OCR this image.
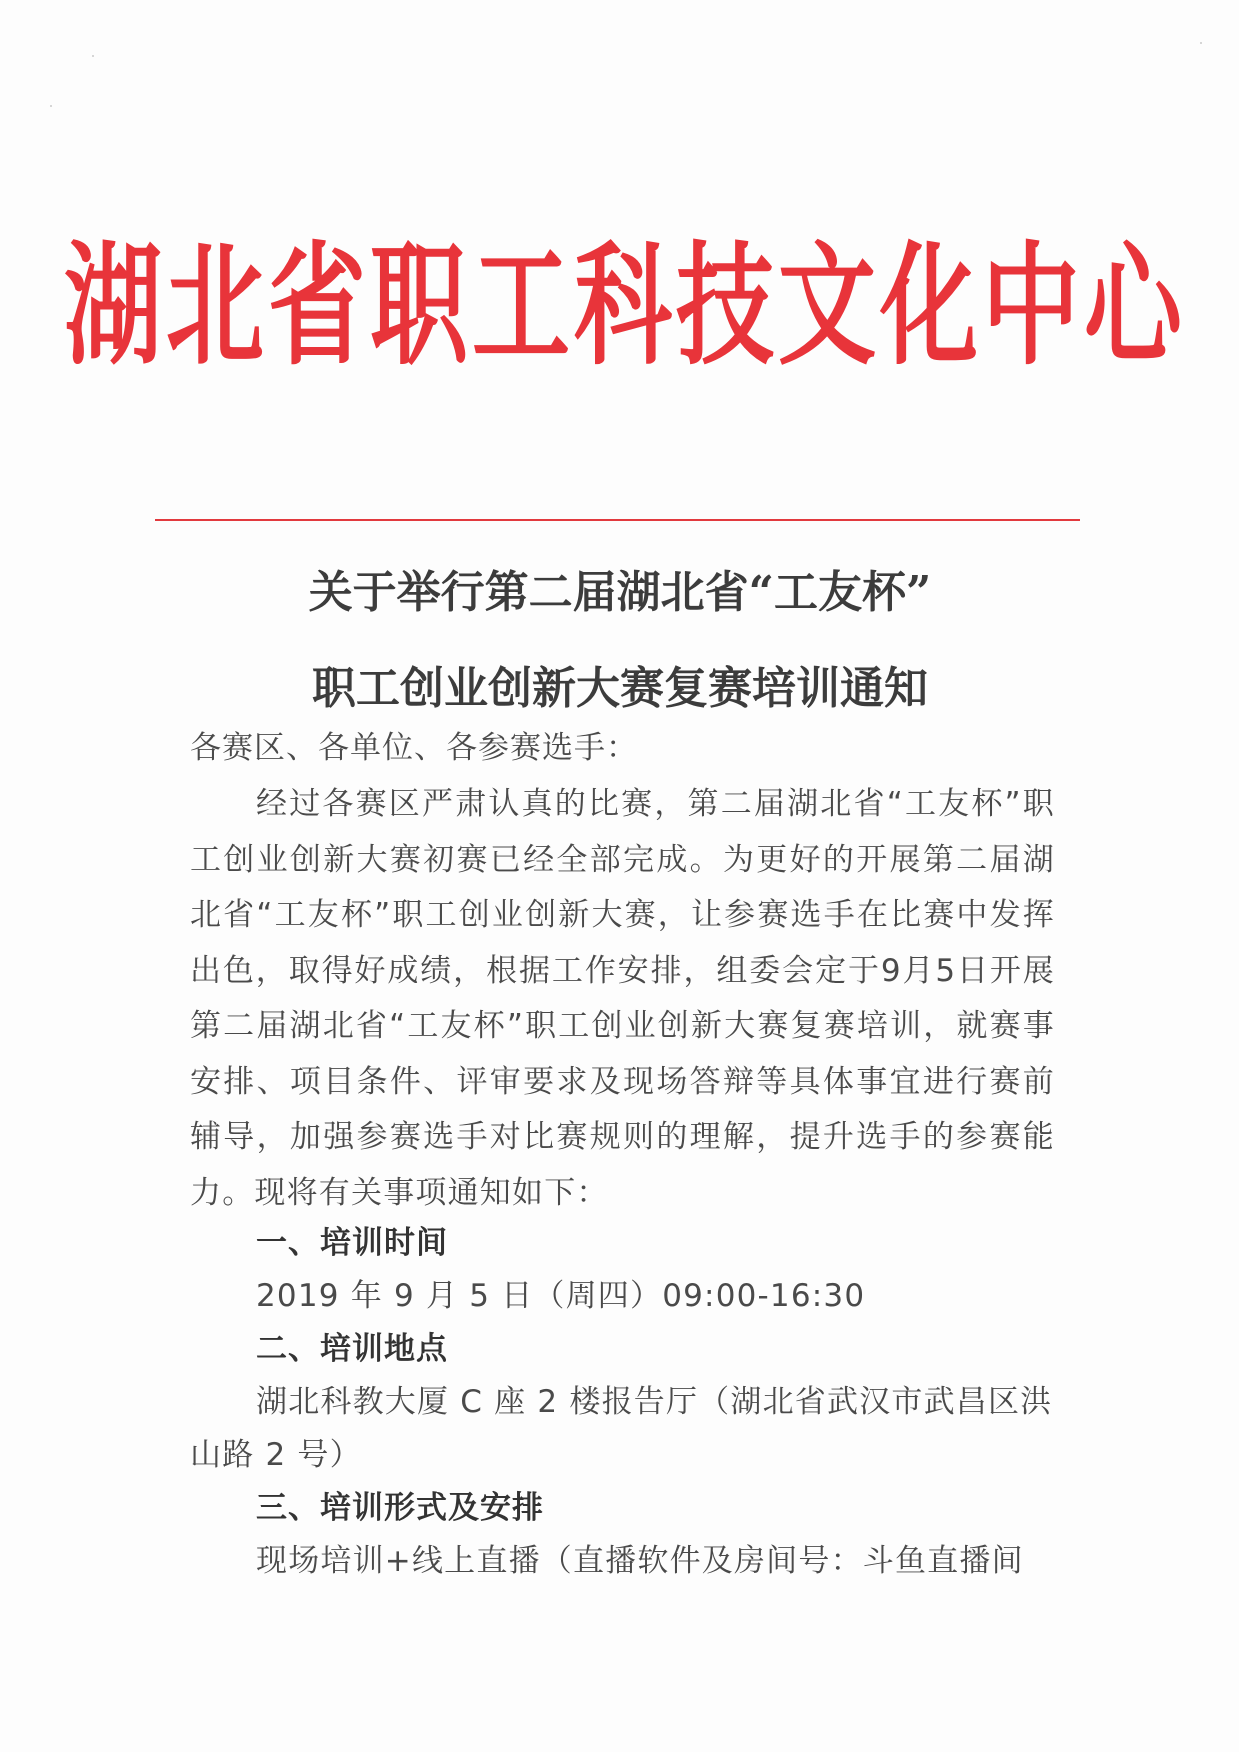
湖北省职工科技文化中心
关于举行第二届湖北省“工友杯”
职工创业创新大赛复赛培训通知
各赛区、各单位、各参赛选手：
经过各赛区严肃认真的比赛，第二届湖北省“工友杯”职工创业创新大赛初赛已经全部完成。为更好的开展第二届湖北省“工友杯”职工创业创新大赛，让参赛选手在比赛中发挥出色，取得好成绩，根据工作安排，组委会定于9月5日开展第二届湖北省“工友杯”职工创业创新大赛复赛培训，就赛事安排、项目条件、评审要求及现场答辩等具体事宜进行赛前辅导，加强参赛选手对比赛规则的理解，提升选手的参赛能力。现将有关事项通知如下：
一、培训时间
2019 年 9 月 5 日（周四）09:00-16:30
二、培训地点
湖北科教大厦 C 座 2 楼报告厅（湖北省武汉市武昌区洪
山路 2 号）
三、培训形式及安排
现场培训+线上直播（直播软件及房间号：斗鱼直播间
